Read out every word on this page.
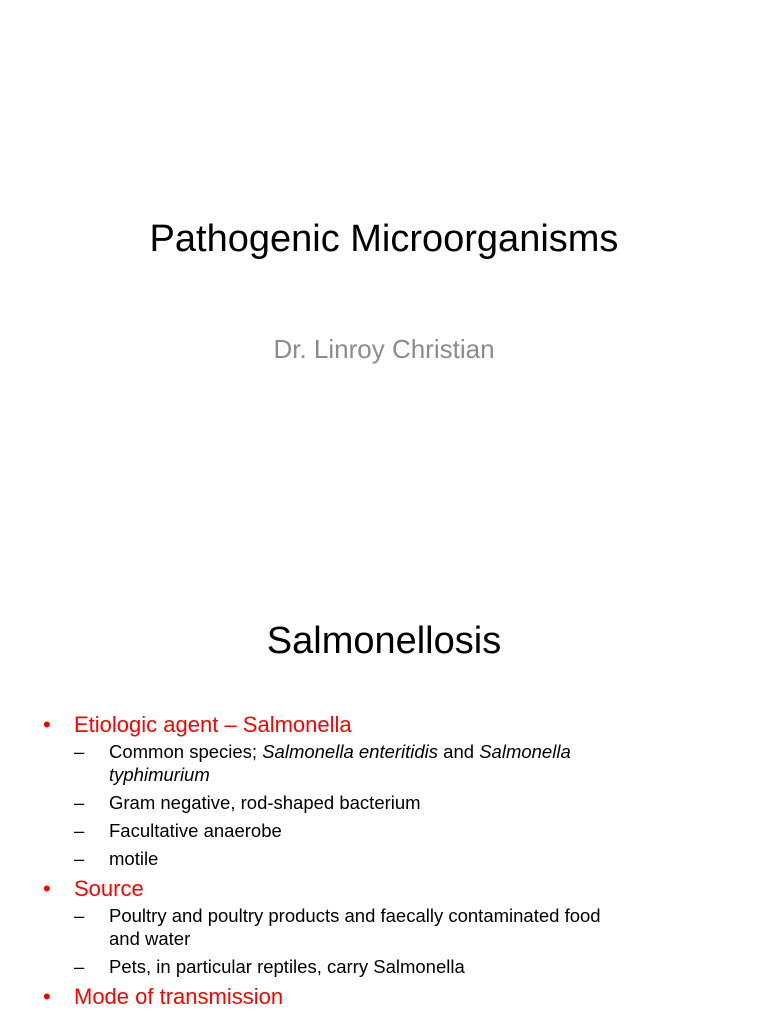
Pathogenic Microorganisms
Dr. Linroy Christian
Salmonellosis
• Etiologic agent – Salmonella
– Common species; Salmonella enteritidis and Salmonella
typhimurium
– Gram negative, rod-shaped bacterium
– Facultative anaerobe
– motile
• Source
– Poultry and poultry products and faecally contaminated food
and water
– Pets, in particular reptiles, carry Salmonella
• Mode of transmission
